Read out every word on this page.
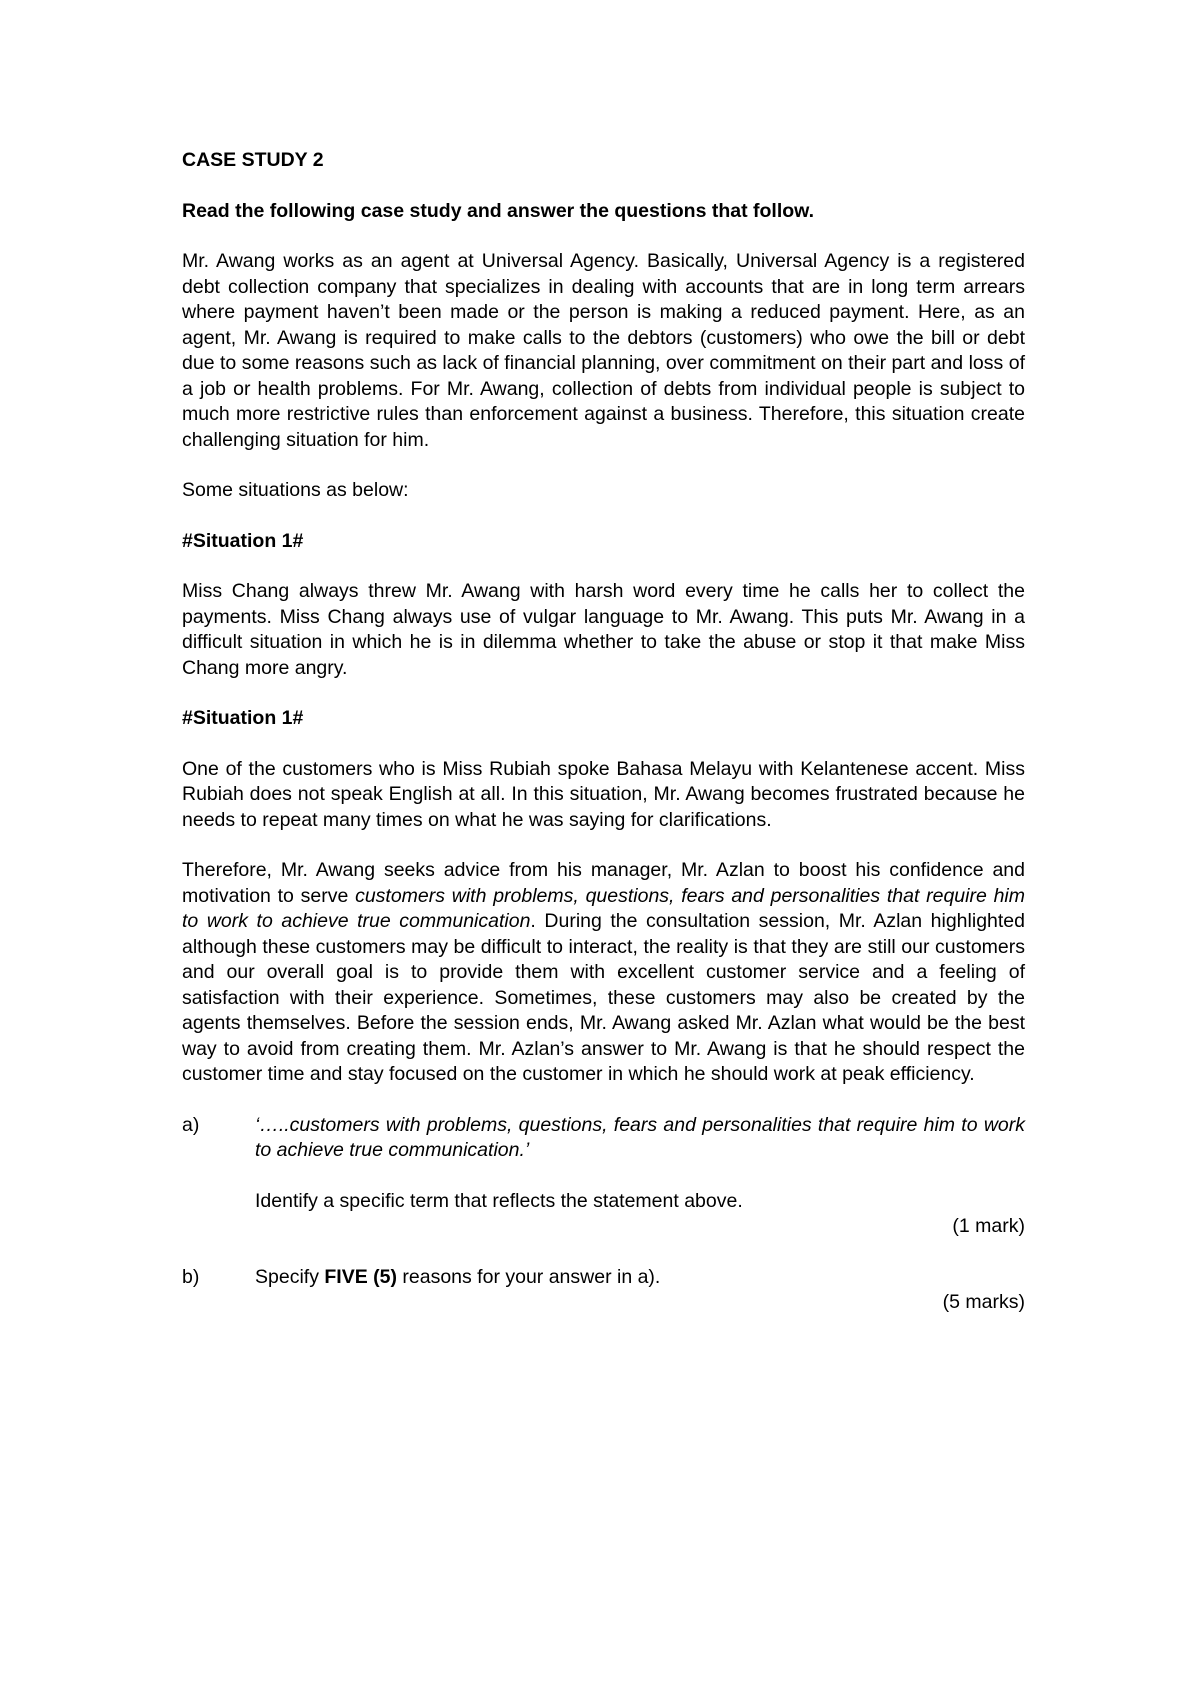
CASE STUDY 2

Read the following case study and answer the questions that follow.

Mr. Awang works as an agent at Universal Agency. Basically, Universal Agency is a registered debt collection company that specializes in dealing with accounts that are in long term arrears where payment haven’t been made or the person is making a reduced payment. Here, as an agent, Mr. Awang is required to make calls to the debtors (customers) who owe the bill or debt due to some reasons such as lack of financial planning, over commitment on their part and loss of a job or health problems. For Mr. Awang, collection of debts from individual people is subject to much more restrictive rules than enforcement against a business. Therefore, this situation create challenging situation for him.

Some situations as below:

#Situation 1#

Miss Chang always threw Mr. Awang with harsh word every time he calls her to collect the payments. Miss Chang always use of vulgar language to Mr. Awang. This puts Mr. Awang in a difficult situation in which he is in dilemma whether to take the abuse or stop it that make Miss Chang more angry.

#Situation 1#

One of the customers who is Miss Rubiah spoke Bahasa Melayu with Kelantenese accent. Miss Rubiah does not speak English at all. In this situation, Mr. Awang becomes frustrated because he needs to repeat many times on what he was saying for clarifications.

Therefore, Mr. Awang seeks advice from his manager, Mr. Azlan to boost his confidence and motivation to serve customers with problems, questions, fears and personalities that require him to work to achieve true communication. During the consultation session, Mr. Azlan highlighted although these customers may be difficult to interact, the reality is that they are still our customers and our overall goal is to provide them with excellent customer service and a feeling of satisfaction with their experience. Sometimes, these customers may also be created by the agents themselves. Before the session ends, Mr. Awang asked Mr. Azlan what would be the best way to avoid from creating them. Mr. Azlan’s answer to Mr. Awang is that he should respect the customer time and stay focused on the customer in which he should work at peak efficiency.

a)	‘…..customers with problems, questions, fears and personalities that require him to work to achieve true communication.’

Identify a specific term that reflects the statement above.

(1 mark)

b)	Specify FIVE (5) reasons for your answer in a).

(5 marks)
